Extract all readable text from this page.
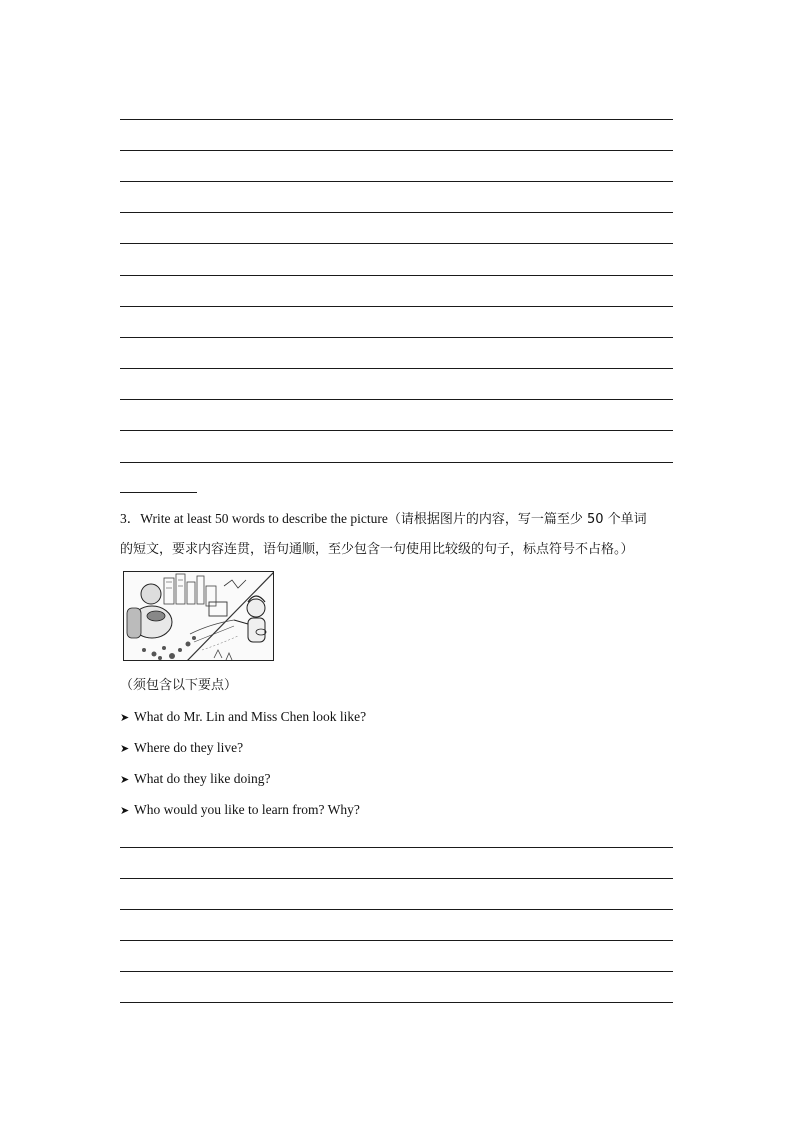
3．Write at least 50 words to describe the picture（请根据图片的内容，写一篇至少 50 个单词
的短文，要求内容连贯，语句通顺，至少包含一句使用比较级的句子，标点符号不占格。）
（须包含以下要点）
➤ What do Mr. Lin and Miss Chen look like?
➤ Where do they live?
➤ What do they like doing?
➤ Who would you like to learn from? Why?
